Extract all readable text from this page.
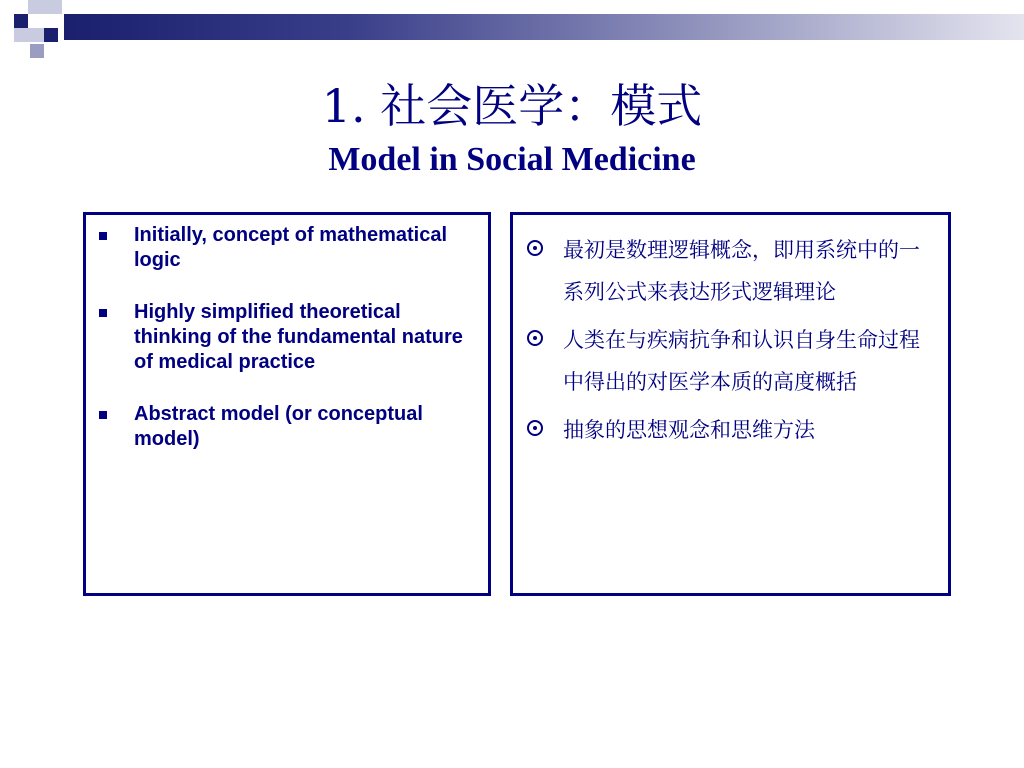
1. 社会医学：模式
Model in Social Medicine
Initially, concept of mathematical logic
Highly simplified theoretical thinking of the fundamental nature of medical practice
Abstract model (or conceptual model)
最初是数理逻辑概念，即用系统中的一系列公式来表达形式逻辑理论
人类在与疾病抗争和认识自身生命过程中得出的对医学本质的高度概括
抽象的思想观念和思维方法
